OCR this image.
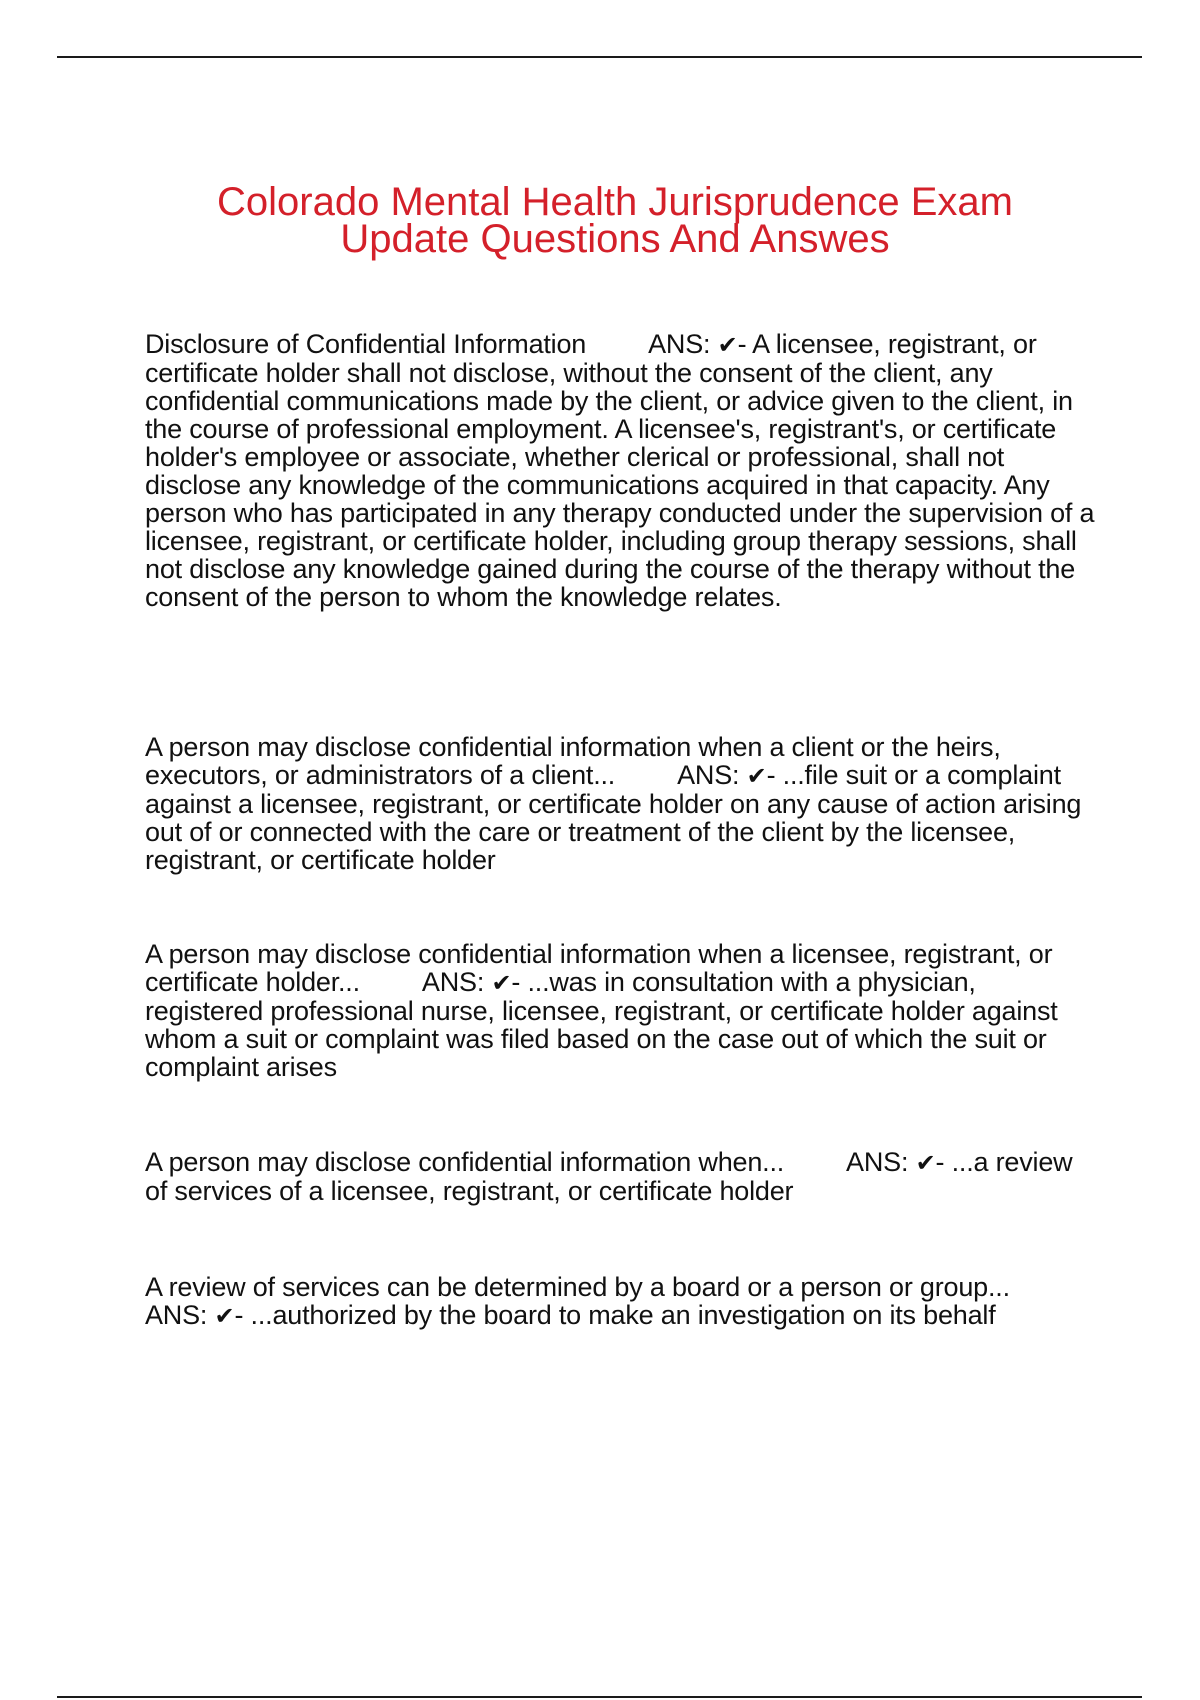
Colorado Mental Health Jurisprudence Exam
Update Questions And Answes

Disclosure of Confidential Information ANS: ✔- A licensee, registrant, or certificate holder shall not disclose, without the consent of the client, any confidential communications made by the client, or advice given to the client, in the course of professional employment. A licensee's, registrant's, or certificate holder's employee or associate, whether clerical or professional, shall not disclose any knowledge of the communications acquired in that capacity. Any person who has participated in any therapy conducted under the supervision of a licensee, registrant, or certificate holder, including group therapy sessions, shall not disclose any knowledge gained during the course of the therapy without the consent of the person to whom the knowledge relates.

A person may disclose confidential information when a client or the heirs, executors, or administrators of a client... ANS: ✔- ...file suit or a complaint against a licensee, registrant, or certificate holder on any cause of action arising out of or connected with the care or treatment of the client by the licensee, registrant, or certificate holder

A person may disclose confidential information when a licensee, registrant, or certificate holder... ANS: ✔- ...was in consultation with a physician, registered professional nurse, licensee, registrant, or certificate holder against whom a suit or complaint was filed based on the case out of which the suit or complaint arises

A person may disclose confidential information when... ANS: ✔- ...a review of services of a licensee, registrant, or certificate holder

A review of services can be determined by a board or a person or group...ANS: ✔- ...authorized by the board to make an investigation on its behalf
